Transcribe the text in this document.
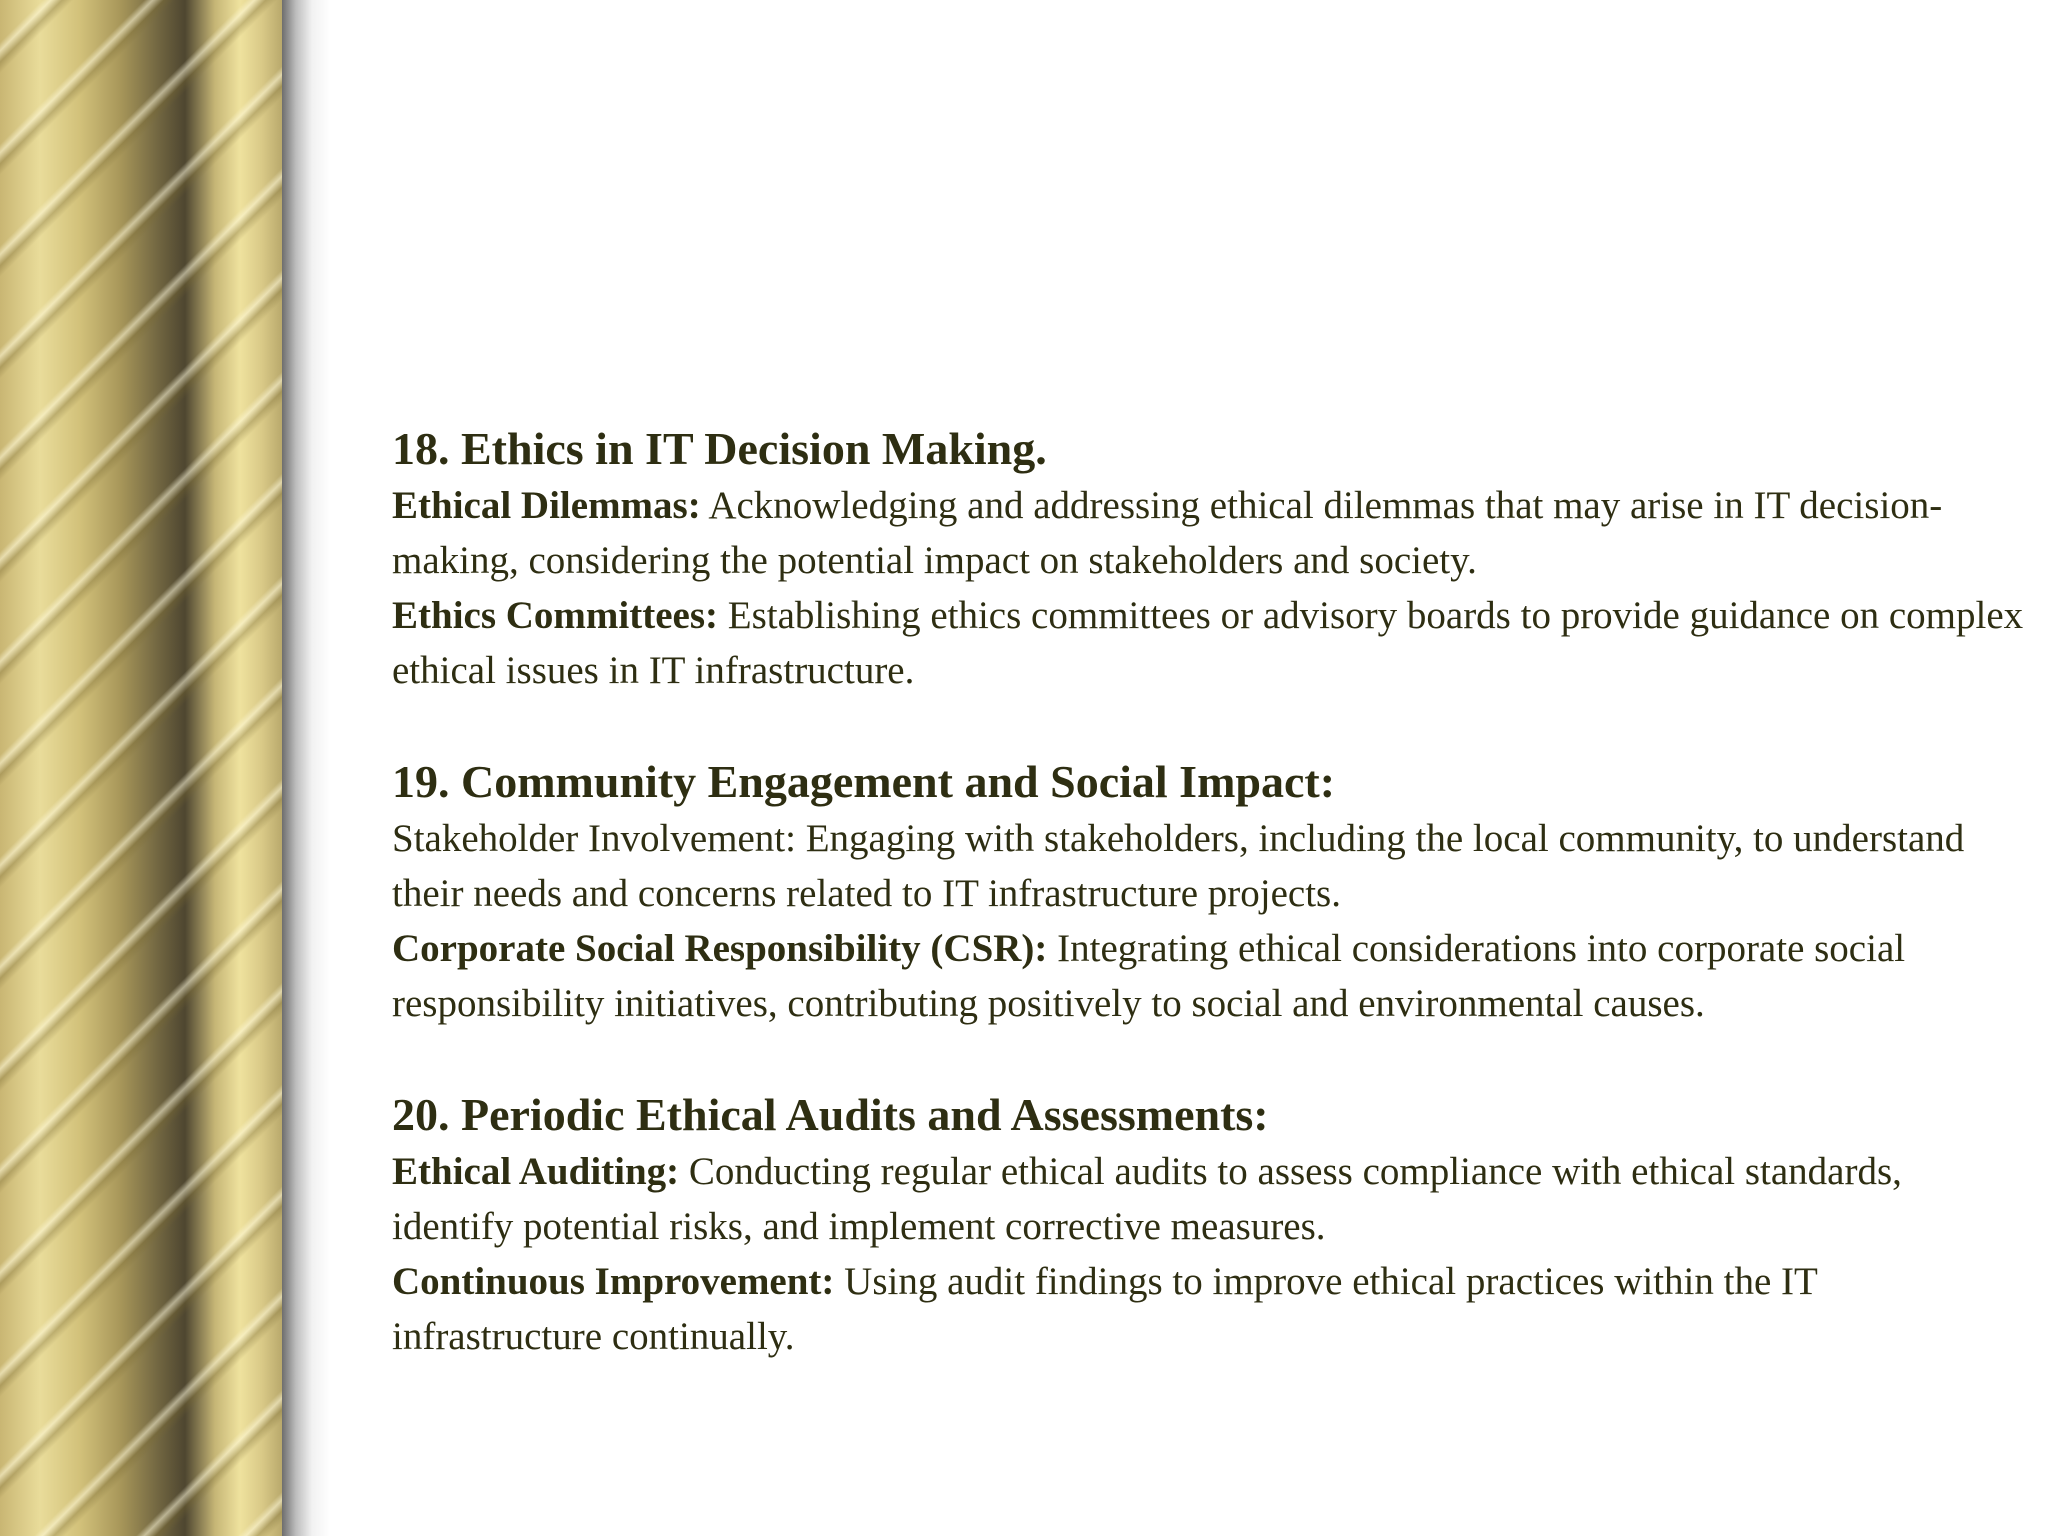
18. Ethics in IT Decision Making.

Ethical Dilemmas: Acknowledging and addressing ethical dilemmas that may arise in IT decision-making, considering the potential impact on stakeholders and society.

Ethics Committees: Establishing ethics committees or advisory boards to provide guidance on complex ethical issues in IT infrastructure.

19. Community Engagement and Social Impact:

Stakeholder Involvement: Engaging with stakeholders, including the local community, to understand their needs and concerns related to IT infrastructure projects.

Corporate Social Responsibility (CSR): Integrating ethical considerations into corporate social responsibility initiatives, contributing positively to social and environmental causes.

20. Periodic Ethical Audits and Assessments:

Ethical Auditing: Conducting regular ethical audits to assess compliance with ethical standards, identify potential risks, and implement corrective measures.

Continuous Improvement: Using audit findings to improve ethical practices within the IT infrastructure continually.
